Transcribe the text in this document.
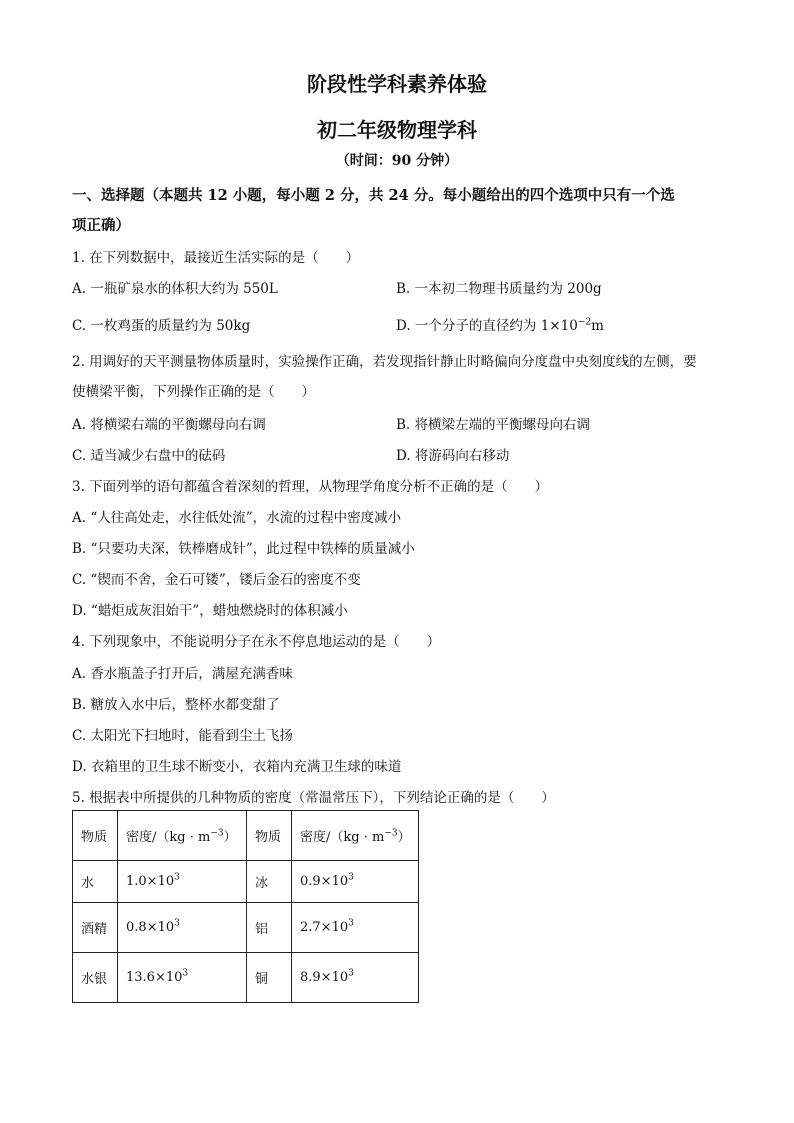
阶段性学科素养体验
初二年级物理学科
（时间：90 分钟）
一、选择题（本题共 12 小题，每小题 2 分，共 24 分。每小题给出的四个选项中只有一个选
项正确）
1. 在下列数据中，最接近生活实际的是（　　）
A. 一瓶矿泉水的体积大约为 550L	B. 一本初二物理书质量约为 200g
C. 一枚鸡蛋的质量约为 50kg	D. 一个分子的直径约为 $1\times 10^{-2}m$
2. 用调好的天平测量物体质量时，实验操作正确，若发现指针静止时略偏向分度盘中央刻度线的左侧，要
使横梁平衡，下列操作正确的是（　　）
A. 将横梁右端的平衡螺母向右调	B. 将横梁左端的平衡螺母向右调
C. 适当减少右盘中的砝码	D. 将游码向右移动
3. 下面列举的语句都蕴含着深刻的哲理，从物理学角度分析不正确的是（　　）
A. “人往高处走，水往低处流”，水流的过程中密度减小
B. “只要功夫深，铁棒磨成针”，此过程中铁棒的质量减小
C. “锲而不舍，金石可镂”，镂后金石的密度不变
D. “蜡炬成灰泪始干”，蜡烛燃烧时的体积减小
4. 下列现象中，不能说明分子在永不停息地运动的是（　　）
A. 香水瓶盖子打开后，满屋充满香味
B. 糖放入水中后，整杯水都变甜了
C. 太阳光下扫地时，能看到尘土飞扬
D. 衣箱里的卫生球不断变小，衣箱内充满卫生球的味道
5. 根据表中所提供的几种物质的密度（常温常压下），下列结论正确的是（　　）
物质	密度$/(kg \cdot m^{-3})$	物质	密度$/(kg \cdot m^{-3})$
水	$1.0\times 10^3$	冰	$0.9\times 10^3$
酒精	$0.8\times 10^3$	铝	$2.7\times 10^3$
水银	$13.6\times 10^3$	铜	$8.9\times 10^3$
